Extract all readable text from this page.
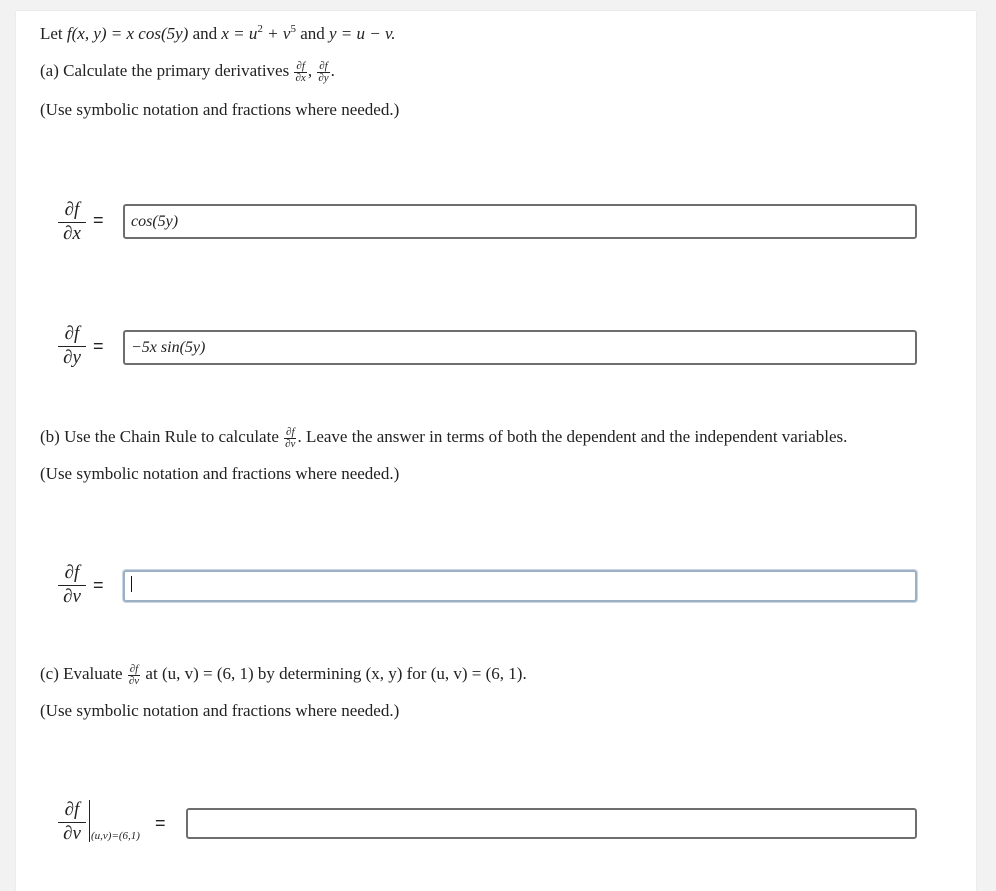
Let f(x, y) = x cos(5y) and $x = u^2 + v^5$ and y = u − v.
(a) Calculate the primary derivatives $\frac{\partial f}{\partial x}$ , $\frac{\partial f}{\partial y}$ .
(Use symbolic notation and fractions where needed.)
∂f
∂x
=	cos(5y)
∂f
∂y
=	−5x sin(5y)
(b) Use the Chain Rule to calculate $\frac{\partial f}{\partial v}$ . Leave the answer in terms of both the dependent and the independent variables.
(Use symbolic notation and fractions where needed.)
∂f
∂v
=
(c) Evaluate $\frac{\partial f}{\partial v}$ at (u, v) = (6, 1) by determining (x, y) for (u, v) = (6, 1).
(Use symbolic notation and fractions where needed.)
∂f
∂v (u,v)=(6,1)
=
